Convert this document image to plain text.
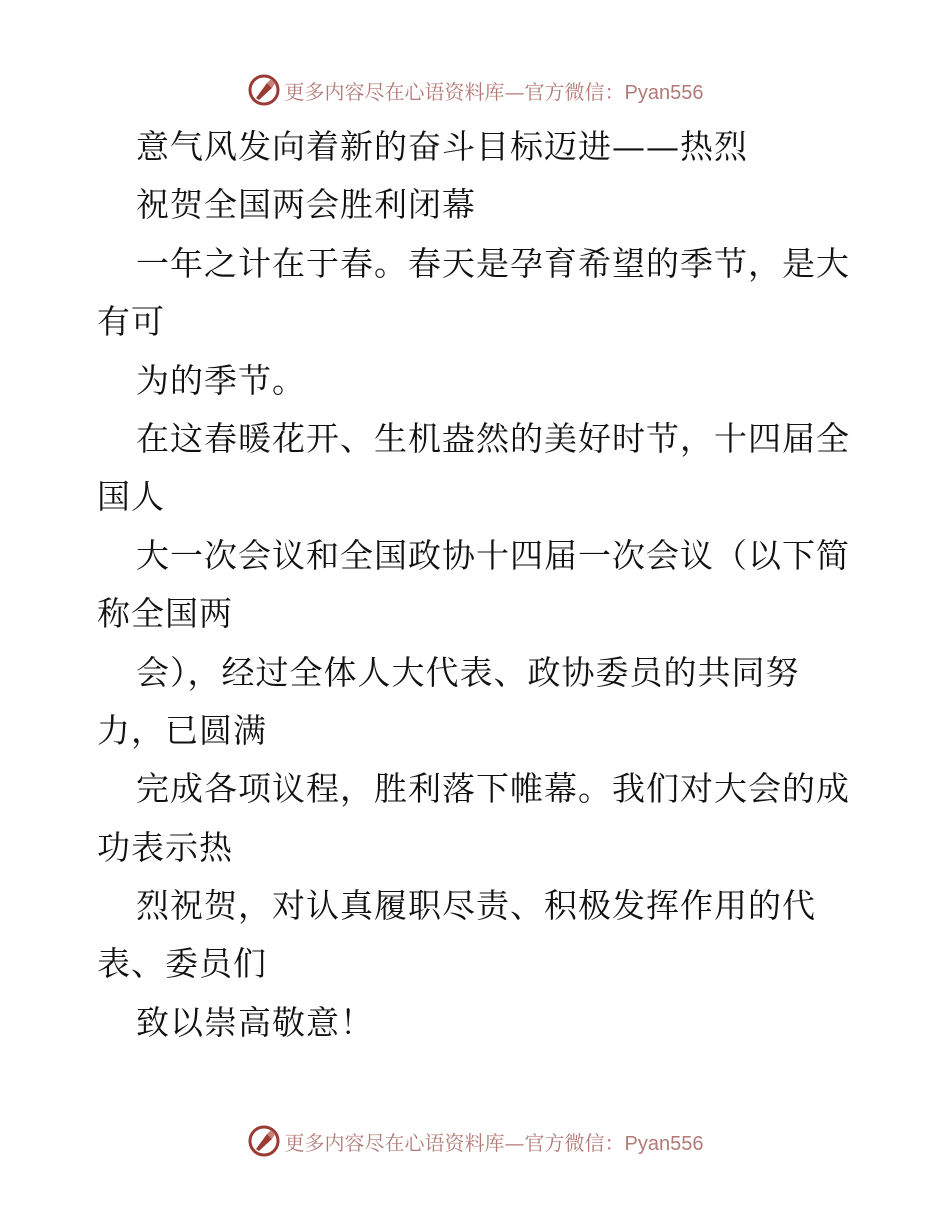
更多内容尽在心语资料库—官方微信：Pyan556
意气风发向着新的奋斗目标迈进——热烈
祝贺全国两会胜利闭幕
一年之计在于春。春天是孕育希望的季节，是大
有可
为的季节。
在这春暖花开、生机盎然的美好时节，十四届全
国人
大一次会议和全国政协十四届一次会议（以下简
称全国两
会），经过全体人大代表、政协委员的共同努
力，已圆满
完成各项议程，胜利落下帷幕。我们对大会的成
功表示热
烈祝贺，对认真履职尽责、积极发挥作用的代
表、委员们
致以崇高敬意！
更多内容尽在心语资料库—官方微信：Pyan556
